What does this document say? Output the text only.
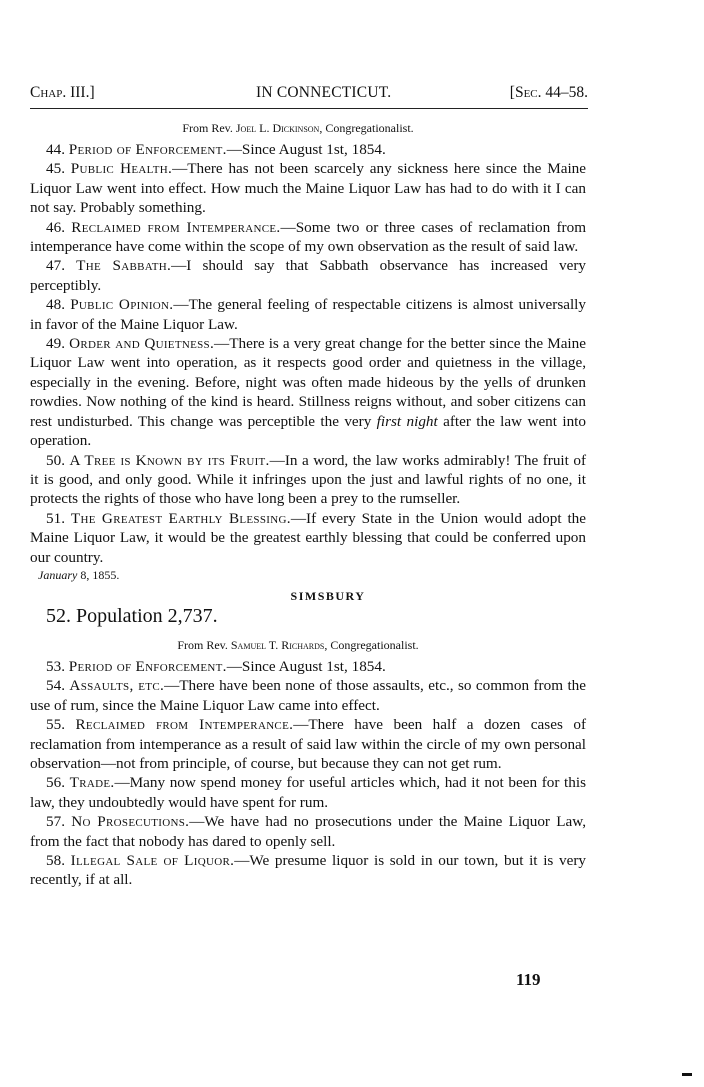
Chap. III.]	IN CONNECTICUT.	[Sec. 44–58.

From Rev. Joel L. Dickinson, Congregationalist.

44. Period of Enforcement.—Since August 1st, 1854.

45. Public Health.—There has not been scarcely any sickness here since the Maine Liquor Law went into effect. How much the Maine Liquor Law has had to do with it I can not say. Probably something.

46. Reclaimed from Intemperance.—Some two or three cases of reclamation from intemperance have come within the scope of my own observation as the result of said law.

47. The Sabbath.—I should say that Sabbath observance has increased very perceptibly.

48. Public Opinion.—The general feeling of respectable citizens is almost universally in favor of the Maine Liquor Law.

49. Order and Quietness.—There is a very great change for the better since the Maine Liquor Law went into operation, as it respects good order and quietness in the village, especially in the evening. Before, night was often made hideous by the yells of drunken rowdies. Now nothing of the kind is heard. Stillness reigns without, and sober citizens can rest undisturbed. This change was perceptible the very first night after the law went into operation.

50. A Tree is Known by its Fruit.—In a word, the law works admirably! The fruit of it is good, and only good. While it infringes upon the just and lawful rights of no one, it protects the rights of those who have long been a prey to the rumseller.

51. The Greatest Earthly Blessing.—If every State in the Union would adopt the Maine Liquor Law, it would be the greatest earthly blessing that could be conferred upon our country.

January 8, 1855.

SIMSBURY

52. Population 2,737.

From Rev. Samuel T. Richards, Congregationalist.

53. Period of Enforcement.—Since August 1st, 1854.

54. Assaults, etc.—There have been none of those assaults, etc., so common from the use of rum, since the Maine Liquor Law came into effect.

55. Reclaimed from Intemperance.—There have been half a dozen cases of reclamation from intemperance as a result of said law within the circle of my own personal observation—not from principle, of course, but because they can not get rum.

56. Trade.—Many now spend money for useful articles which, had it not been for this law, they undoubtedly would have spent for rum.

57. No Prosecutions.—We have had no prosecutions under the Maine Liquor Law, from the fact that nobody has dared to openly sell.

58. Illegal Sale of Liquor.—We presume liquor is sold in our town, but it is very recently, if at all.

119
